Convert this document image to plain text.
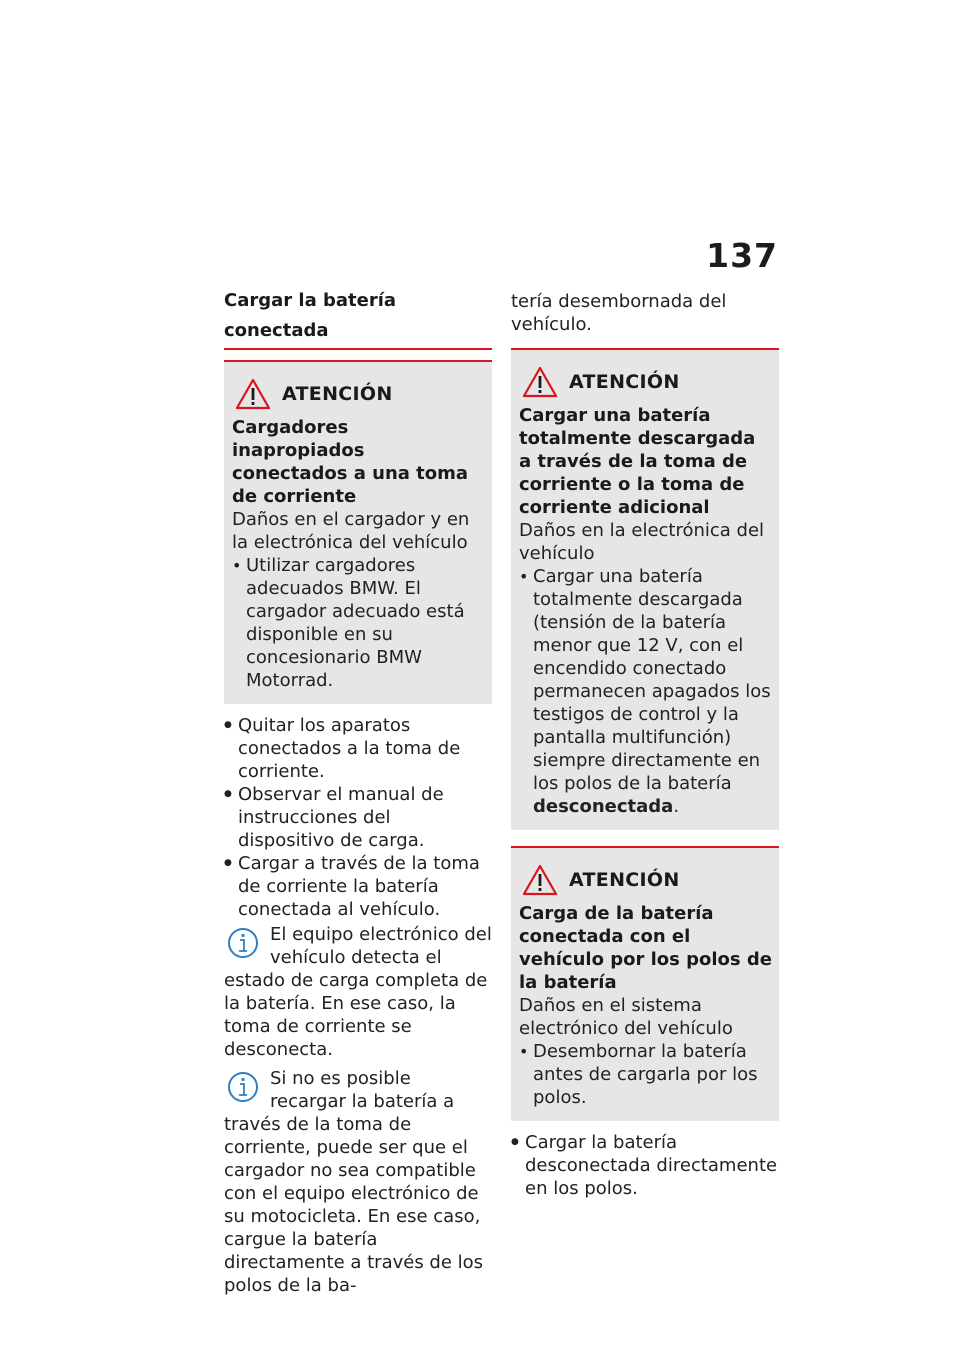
137
Cargar la batería conectada
ATENCIÓN
Cargadores inapropiados conectados a una toma de corriente
Daños en el cargador y en la electrónica del vehículo
• Utilizar cargadores adecuados BMW. El cargador adecuado está disponible en su concesionario BMW Motorrad.
● Quitar los aparatos conectados a la toma de corriente.
● Observar el manual de instrucciones del dispositivo de carga.
● Cargar a través de la toma de corriente la batería conectada al vehículo.
El equipo electrónico del vehículo detecta el estado de carga completa de la batería. En ese caso, la toma de corriente se desconecta.
Si no es posible recargar la batería a través de la toma de corriente, puede ser que el cargador no sea compatible con el equipo electrónico de su motocicleta. En ese caso, cargue la batería directamente a través de los polos de la ba-
tería desembornada del vehículo.
ATENCIÓN
Cargar una batería totalmente descargada a través de la toma de corriente o la toma de corriente adicional
Daños en la electrónica del vehículo
• Cargar una batería totalmente descargada (tensión de la batería menor que 12 V, con el encendido conectado permanecen apagados los testigos de control y la pantalla multifunción) siempre directamente en los polos de la batería desconectada.
ATENCIÓN
Carga de la batería conectada con el vehículo por los polos de la batería
Daños en el sistema electrónico del vehículo
• Desembornar la batería antes de cargarla por los polos.
● Cargar la batería desconectada directamente en los polos.
